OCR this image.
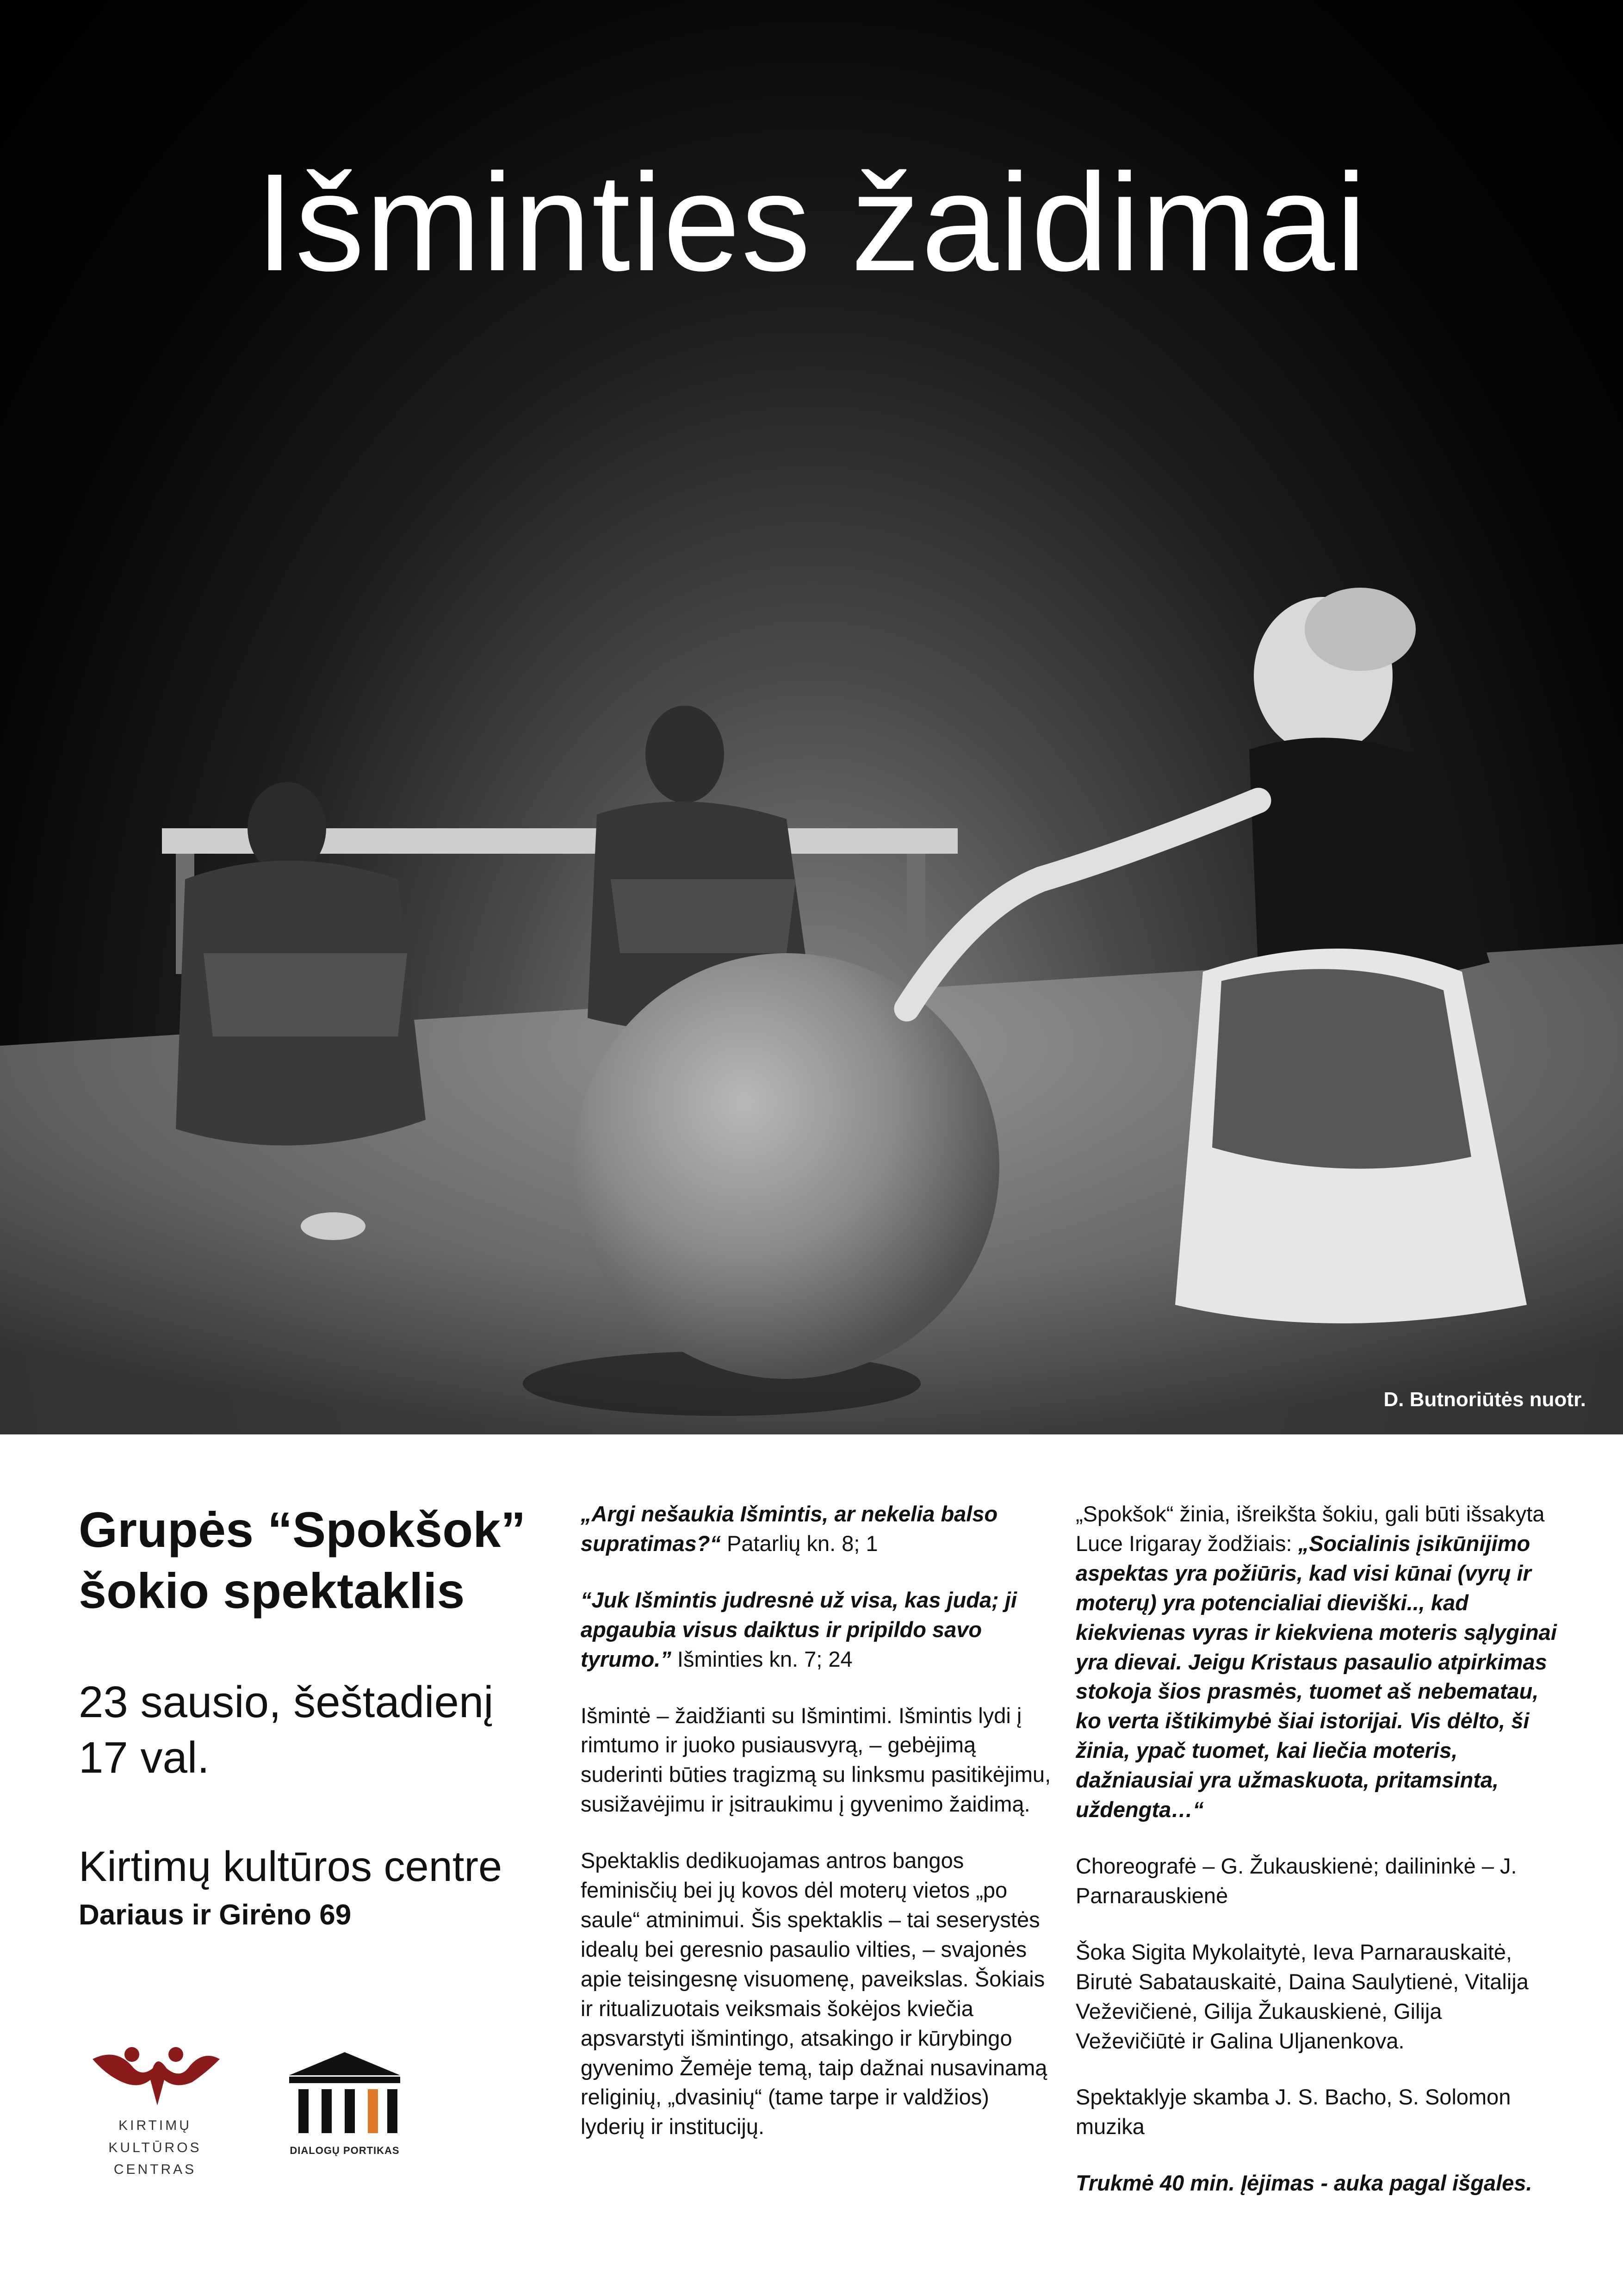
Išminties žaidimai
D. Butnoriūtės nuotr.

Grupės “Spokšok”

šokio spektaklis

23 sausio, šeštadienį
17 val.
Kirtimų kultūros centre
Dariaus ir Girėno 69
KIRTIMŲ
KULTŪROS
CENTRAS
DIALOGŲ PORTIKAS

„Argi nešaukia Išmintis, ar nekelia balso supratimas?“ Patarlių kn. 8; 1

“Juk Išmintis judresnė už visa, kas juda; ji apgaubia visus daiktus ir pripildo savo tyrumo.” Išminties kn. 7; 24

Išmintė – žaidžianti su Išmintimi. Išmintis lydi į rimtumo ir juoko pusiausvyrą, – gebėjimą suderinti būties tragizmą su linksmu pasitikėjimu, susižavėjimu ir įsitraukimu į gyvenimo žaidimą.

Spektaklis dedikuojamas antros bangos feminisčių bei jų kovos dėl moterų vietos „po saule“ atminimui. Šis spektaklis – tai seserystės idealų bei geresnio pasaulio vilties, – svajonės apie teisingesnę visuomenę, paveikslas. Šokiais ir ritualizuotais veiksmais šokėjos kviečia apsvarstyti išmintingo, atsakingo ir kūrybingo gyvenimo Žemėje temą, taip dažnai nusavinamą religinių, „dvasinių“ (tame tarpe ir valdžios) lyderių ir institucijų.

„Spokšok“ žinia, išreikšta šokiu, gali būti išsakyta Luce Irigaray žodžiais: „Socialinis įsikūnijimo aspektas yra požiūris, kad visi kūnai (vyrų ir moterų) yra potencialiai dieviški.., kad kiekvienas vyras ir kiekviena moteris sąlyginai yra dievai. Jeigu Kristaus pasaulio atpirkimas stokoja šios prasmės, tuomet aš nebematau, ko verta ištikimybė šiai istorijai. Vis dėlto, ši žinia, ypač tuomet, kai liečia moteris, dažniausiai yra užmaskuota, pritamsinta, uždengta…“

Choreografė – G. Žukauskienė; dailininkė – J. Parnarauskienė

Šoka Sigita Mykolaitytė, Ieva Parnarauskaitė, Birutė Sabatauskaitė, Daina Saulytienė, Vitalija Veževičienė, Gilija Žukauskienė, Gilija Veževičiūtė ir Galina Uljanenkova.

Spektaklyje skamba J. S. Bacho, S. Solomon muzika

Trukmė 40 min. Įėjimas - auka pagal išgales.
